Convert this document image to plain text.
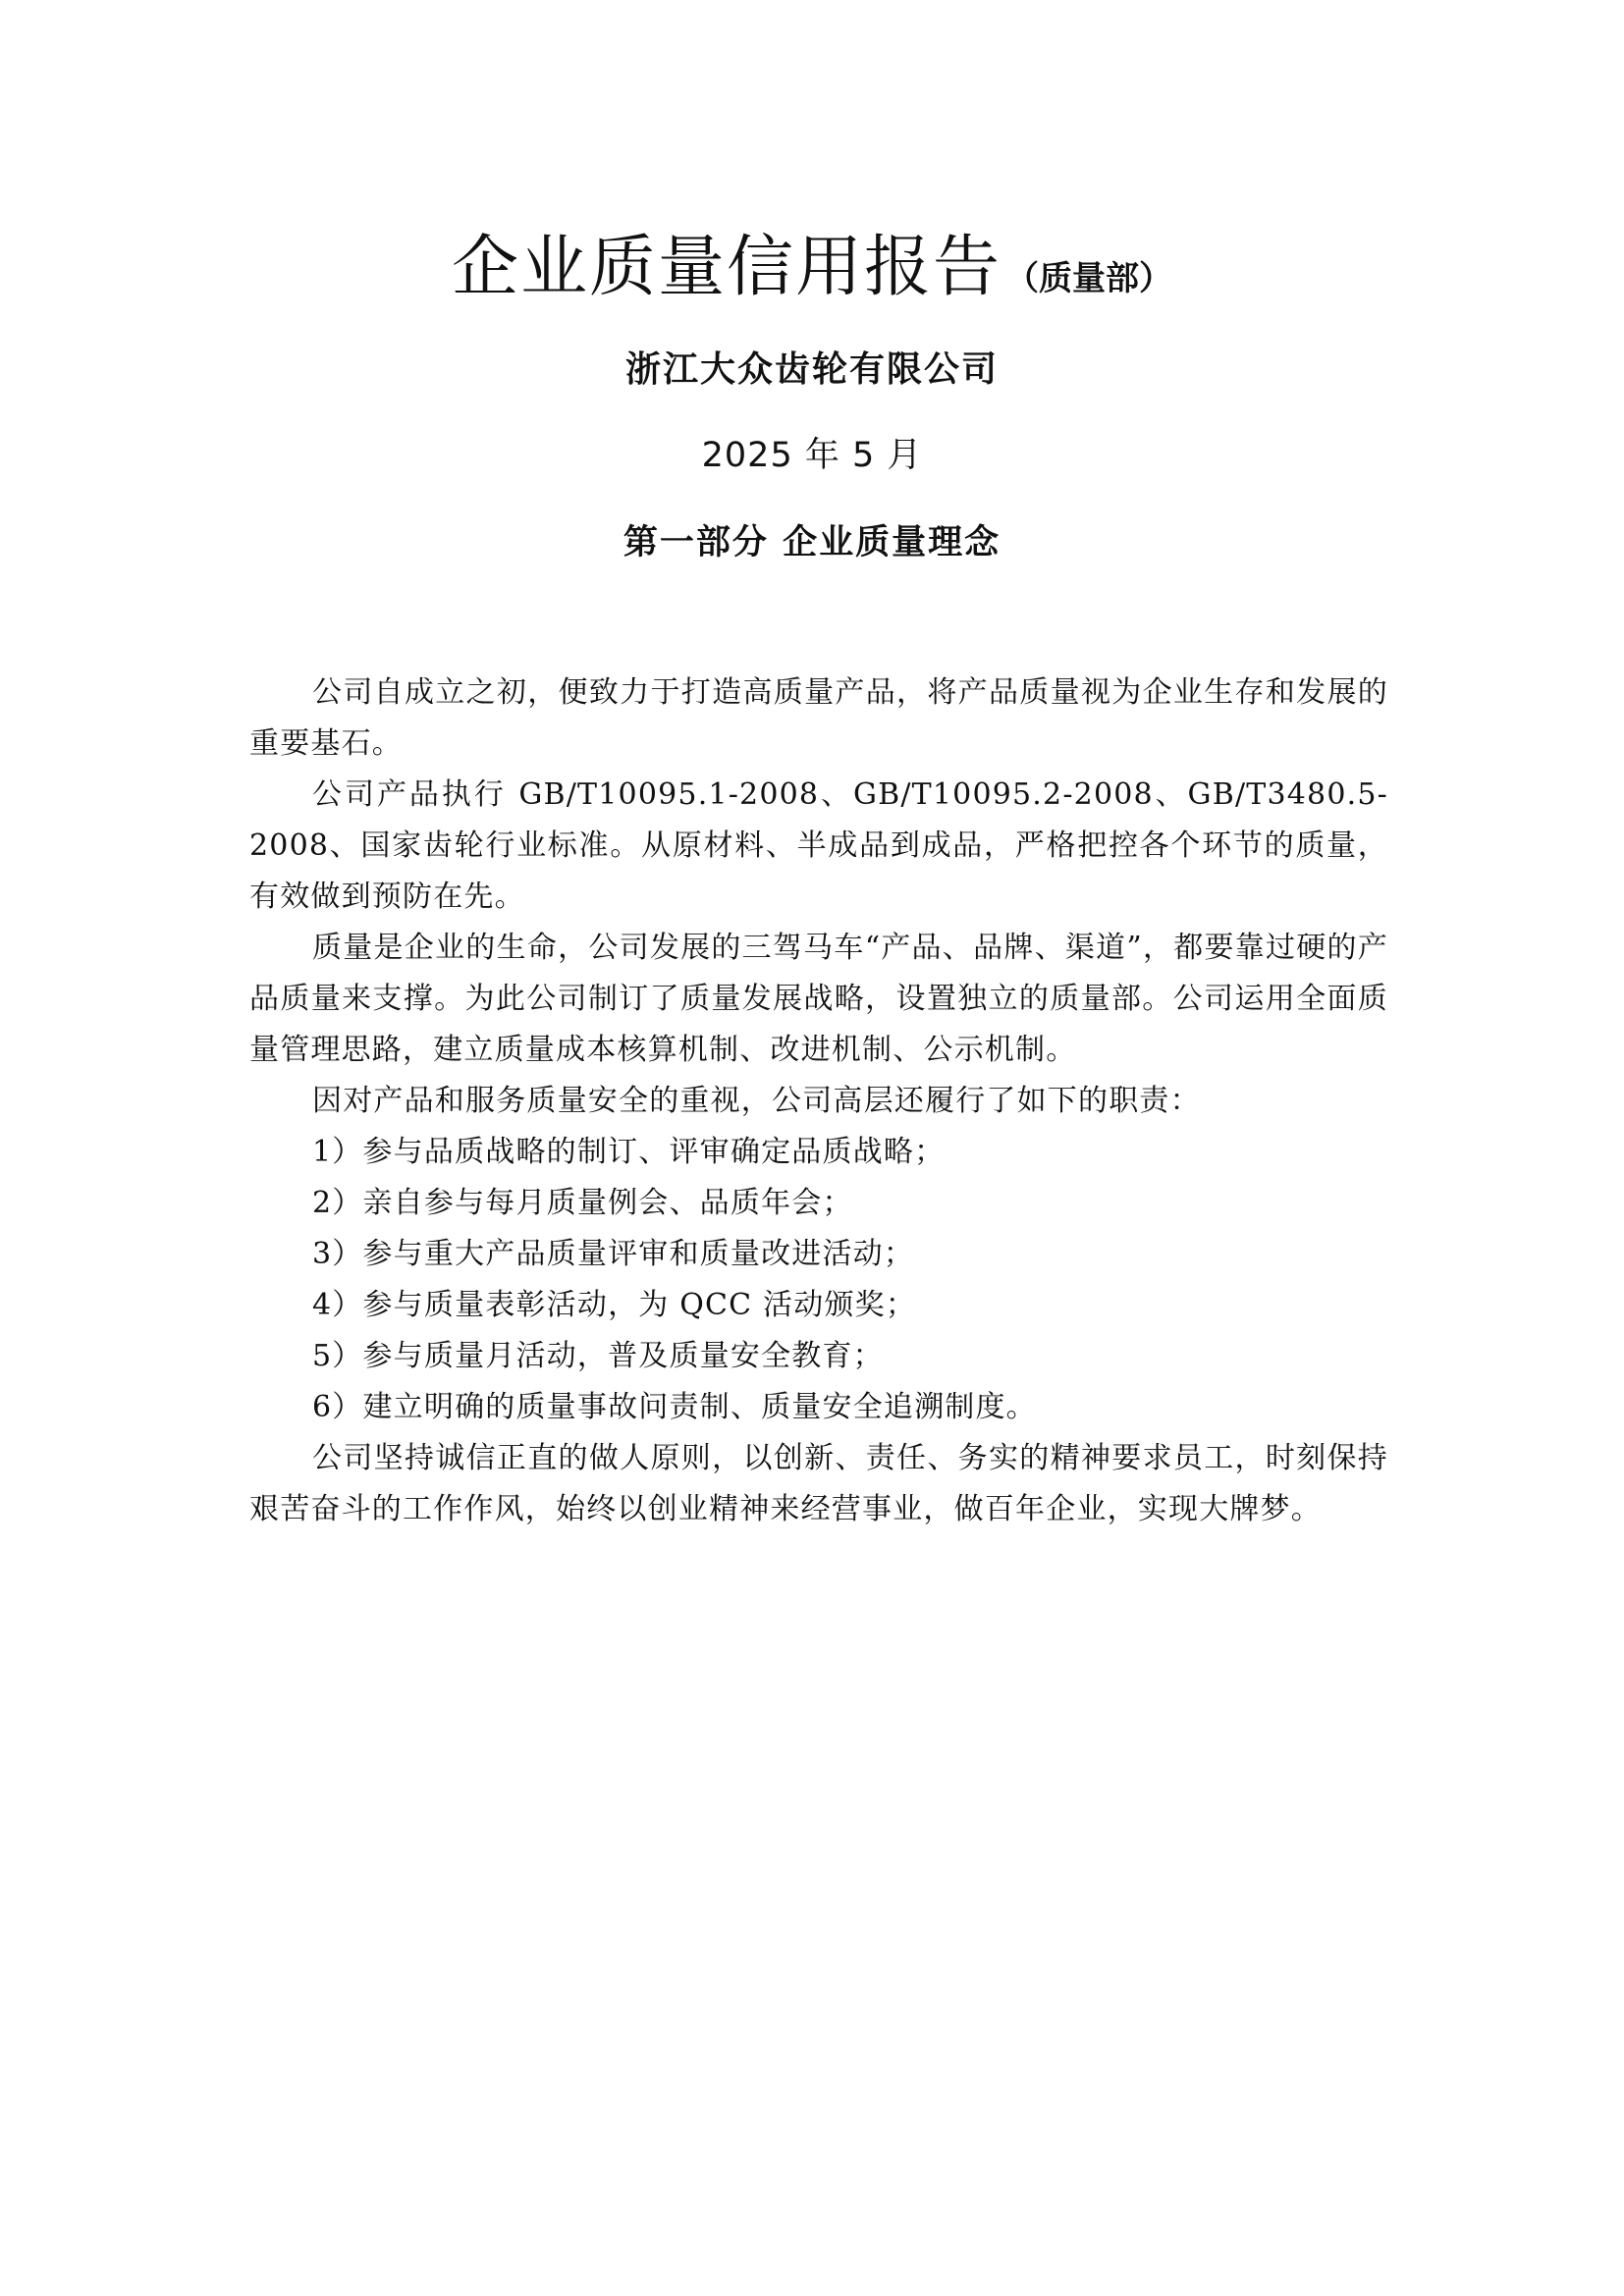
企业质量信用报告 （质量部）
浙江大众齿轮有限公司
2025 年 5 月
第一部分 企业质量理念

公司自成立之初，便致力于打造高质量产品，将产品质量视为企业生存和发展的重要基石。

公司产品执行 GB/T10095.1-2008、GB/T10095.2-2008、GB/T3480.5-2008、国家齿轮行业标准。从原材料、半成品到成品，严格把控各个环节的质量，有效做到预防在先。

质量是企业的生命，公司发展的三驾马车“产品、品牌、渠道”，都要靠过硬的产品质量来支撑。为此公司制订了质量发展战略，设置独立的质量部。公司运用全面质量管理思路，建立质量成本核算机制、改进机制、公示机制。

因对产品和服务质量安全的重视，公司高层还履行了如下的职责：

1）参与品质战略的制订、评审确定品质战略；

2）亲自参与每月质量例会、品质年会；

3）参与重大产品质量评审和质量改进活动；

4）参与质量表彰活动，为 QCC 活动颁奖；

5）参与质量月活动，普及质量安全教育；

6）建立明确的质量事故问责制、质量安全追溯制度。

公司坚持诚信正直的做人原则，以创新、责任、务实的精神要求员工，时刻保持艰苦奋斗的工作作风，始终以创业精神来经营事业，做百年企业，实现大牌梦。
